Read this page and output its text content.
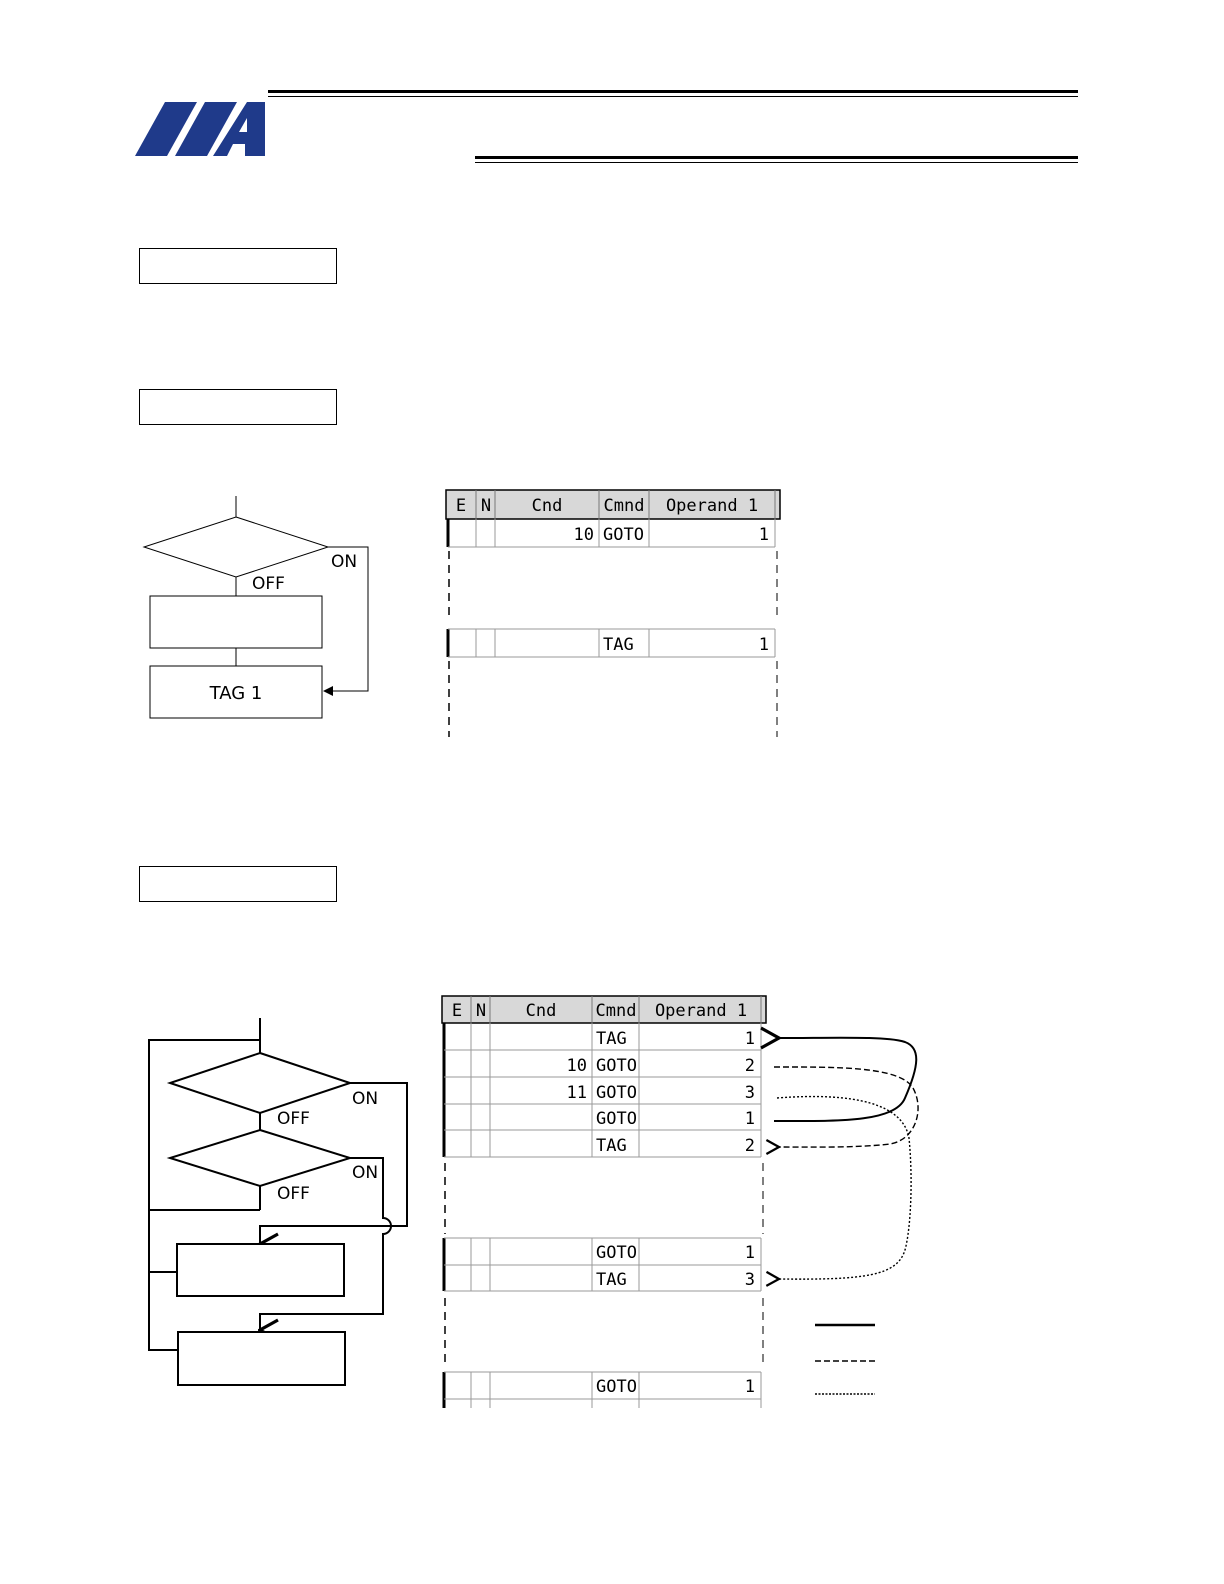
ON
OFF
TAG 1
E N Cnd Cmnd Operand 1
10 GOTO	1
TAG	1
ON
OFF
ON
OFF
E N Cnd Cmnd Operand 1
TAG	1
10 GOTO	2
11 GOTO	3
GOTO	1
TAG	2
GOTO	1
TAG	3
GOTO	1
